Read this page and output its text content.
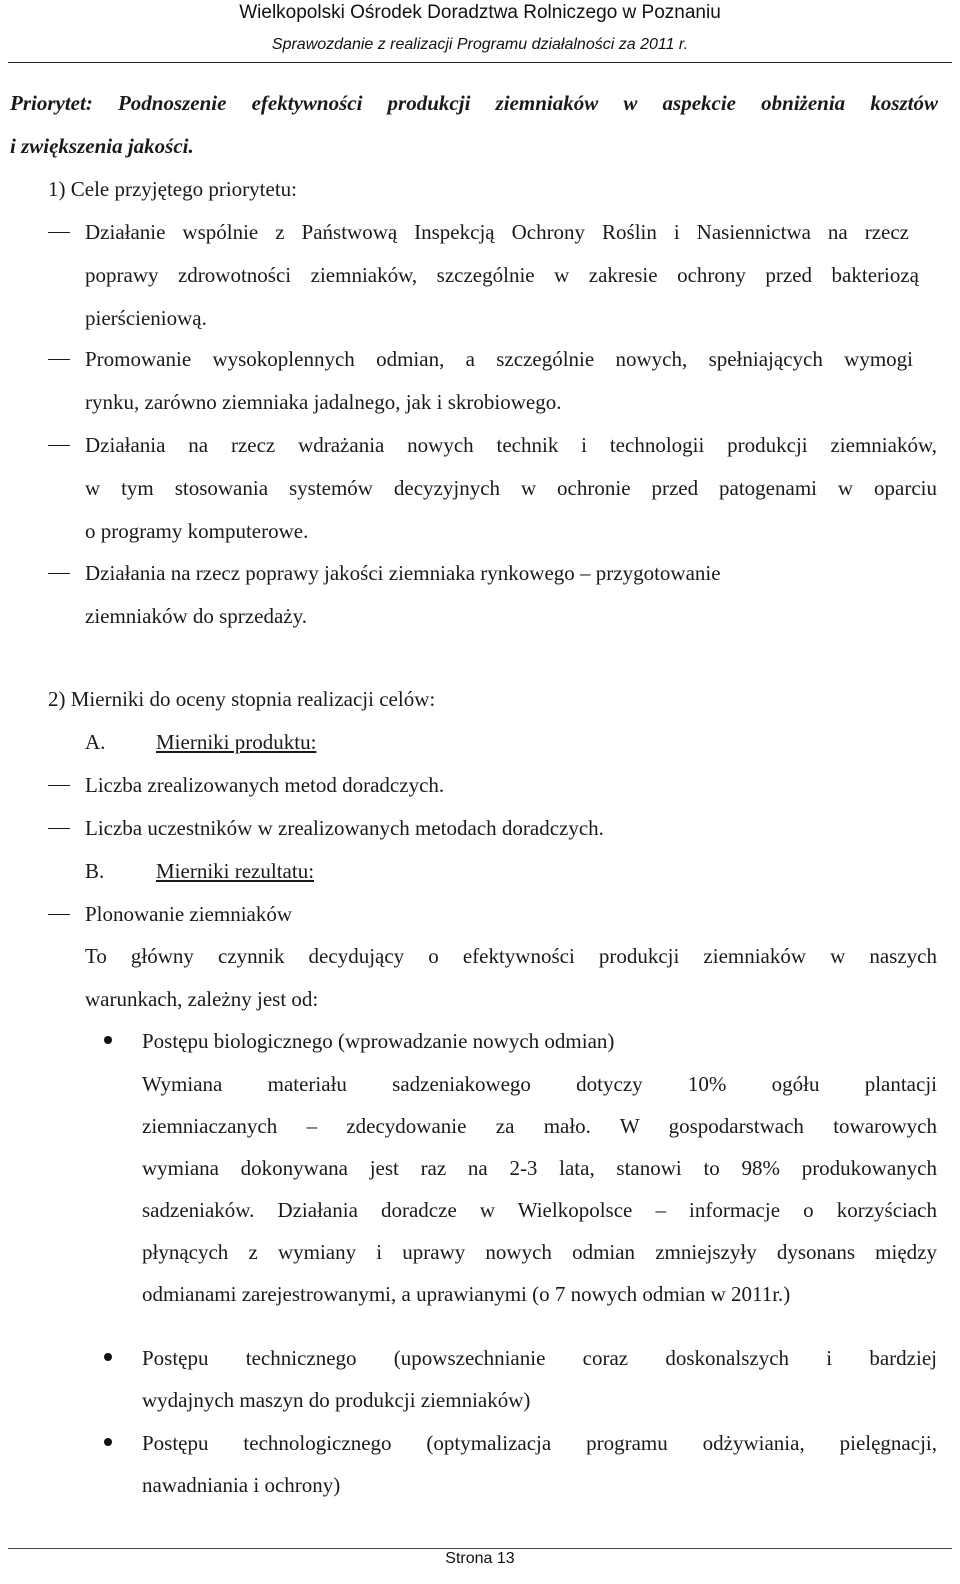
Wielkopolski Ośrodek Doradztwa Rolniczego w Poznaniu
Sprawozdanie z realizacji Programu działalności za 2011 r.
Priorytet: Podnoszenie efektywności produkcji ziemniaków w aspekcie obniżenia kosztów
i zwiększenia jakości.
1) Cele przyjętego priorytetu:
Działanie wspólnie z Państwową Inspekcją Ochrony Roślin i Nasiennictwa na rzecz
poprawy zdrowotności ziemniaków, szczególnie w zakresie ochrony przed bakteriozą
pierścieniową.
Promowanie wysokoplennych odmian, a szczególnie nowych, spełniających wymogi
rynku, zarówno ziemniaka jadalnego, jak i skrobiowego.
Działania na rzecz wdrażania nowych technik i technologii produkcji ziemniaków,
w tym stosowania systemów decyzyjnych w ochronie przed patogenami w oparciu
o programy komputerowe.
Działania na rzecz poprawy jakości ziemniaka rynkowego – przygotowanie
ziemniaków do sprzedaży.
2) Mierniki do oceny stopnia realizacji celów:
A. Mierniki produktu:
Liczba zrealizowanych metod doradczych.
Liczba uczestników w zrealizowanych metodach doradczych.
B. Mierniki rezultatu:
Plonowanie ziemniaków
To główny czynnik decydujący o efektywności produkcji ziemniaków w naszych
warunkach, zależny jest od:
Postępu biologicznego (wprowadzanie nowych odmian)
Wymiana materiału sadzeniakowego dotyczy 10% ogółu plantacji
ziemniaczanych – zdecydowanie za mało. W gospodarstwach towarowych
wymiana dokonywana jest raz na 2-3 lata, stanowi to 98% produkowanych
sadzeniaków. Działania doradcze w Wielkopolsce – informacje o korzyściach
płynących z wymiany i uprawy nowych odmian zmniejszyły dysonans między
odmianami zarejestrowanymi, a uprawianymi (o 7 nowych odmian w 2011r.)
Postępu technicznego (upowszechnianie coraz doskonalszych i bardziej
wydajnych maszyn do produkcji ziemniaków)
Postępu technologicznego (optymalizacja programu odżywiania, pielęgnacji,
nawadniania i ochrony)
Strona 13
